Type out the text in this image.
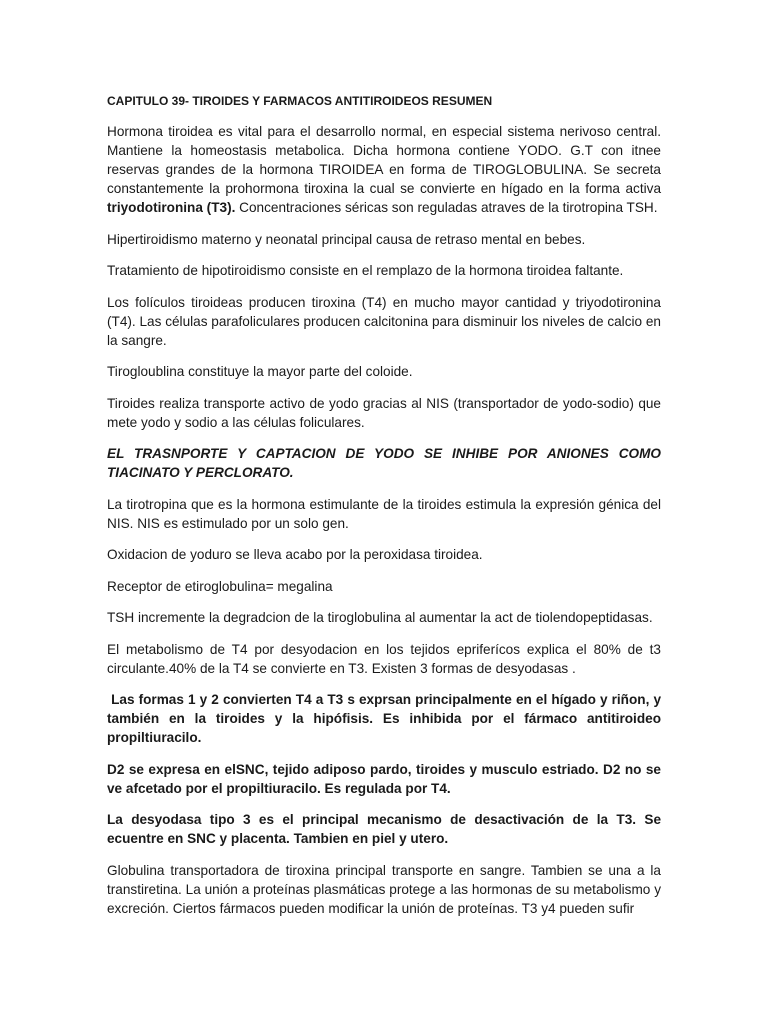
CAPITULO 39- TIROIDES Y FARMACOS ANTITIROIDEOS RESUMEN

Hormona tiroidea es vital para el desarrollo normal, en especial sistema nerivoso central. Mantiene la homeostasis metabolica. Dicha hormona contiene YODO. G.T con itnee reservas grandes de la hormona TIROIDEA en forma de TIROGLOBULINA. Se secreta constantemente la prohormona tiroxina la cual se convierte en hígado en la forma activa triyodotironina (T3). Concentraciones séricas son reguladas atraves de la tirotropina TSH.

Hipertiroidismo materno y neonatal principal causa de retraso mental en bebes.

Tratamiento de hipotiroidismo consiste en el remplazo de la hormona tiroidea faltante.

Los folículos tiroideas producen tiroxina (T4) en mucho mayor cantidad y triyodotironina (T4). Las células parafoliculares producen calcitonina para disminuir los niveles de calcio en la sangre.

Tirogloublina constituye la mayor parte del coloide.

Tiroides realiza transporte activo de yodo gracias al NIS (transportador de yodo-sodio) que mete yodo y sodio a las células foliculares.

EL TRASNPORTE Y CAPTACION DE YODO SE INHIBE POR ANIONES COMO TIACINATO Y PERCLORATO.

La tirotropina que es la hormona estimulante de la tiroides estimula la expresión génica del NIS. NIS es estimulado por un solo gen.

Oxidacion de yoduro se lleva acabo por la peroxidasa tiroidea.

Receptor de etiroglobulina= megalina

TSH incremente la degradcion de la tiroglobulina al aumentar la act de tiolendopeptidasas.

El metabolismo de T4 por desyodacion en los tejidos epriferícos explica el 80% de t3 circulante.40% de la T4 se convierte en T3. Existen 3 formas de desyodasas .

Las formas 1 y 2 convierten T4 a T3 s exprsan principalmente en el hígado y riñon, y también en la tiroides y la hipófisis. Es inhibida por el fármaco antitiroideo propiltiuracilo.

D2 se expresa en elSNC, tejido adiposo pardo, tiroides y musculo estriado. D2 no se ve afcetado por el propiltiuracilo. Es regulada por T4.

La desyodasa tipo 3 es el principal mecanismo de desactivación de la T3. Se ecuentre en SNC y placenta. Tambien en piel y utero.

Globulina transportadora de tiroxina principal transporte en sangre. Tambien se una a la transtiretina. La unión a proteínas plasmáticas protege a las hormonas de su metabolismo y excreción. Ciertos fármacos pueden modificar la unión de proteínas. T3 y4 pueden sufir
